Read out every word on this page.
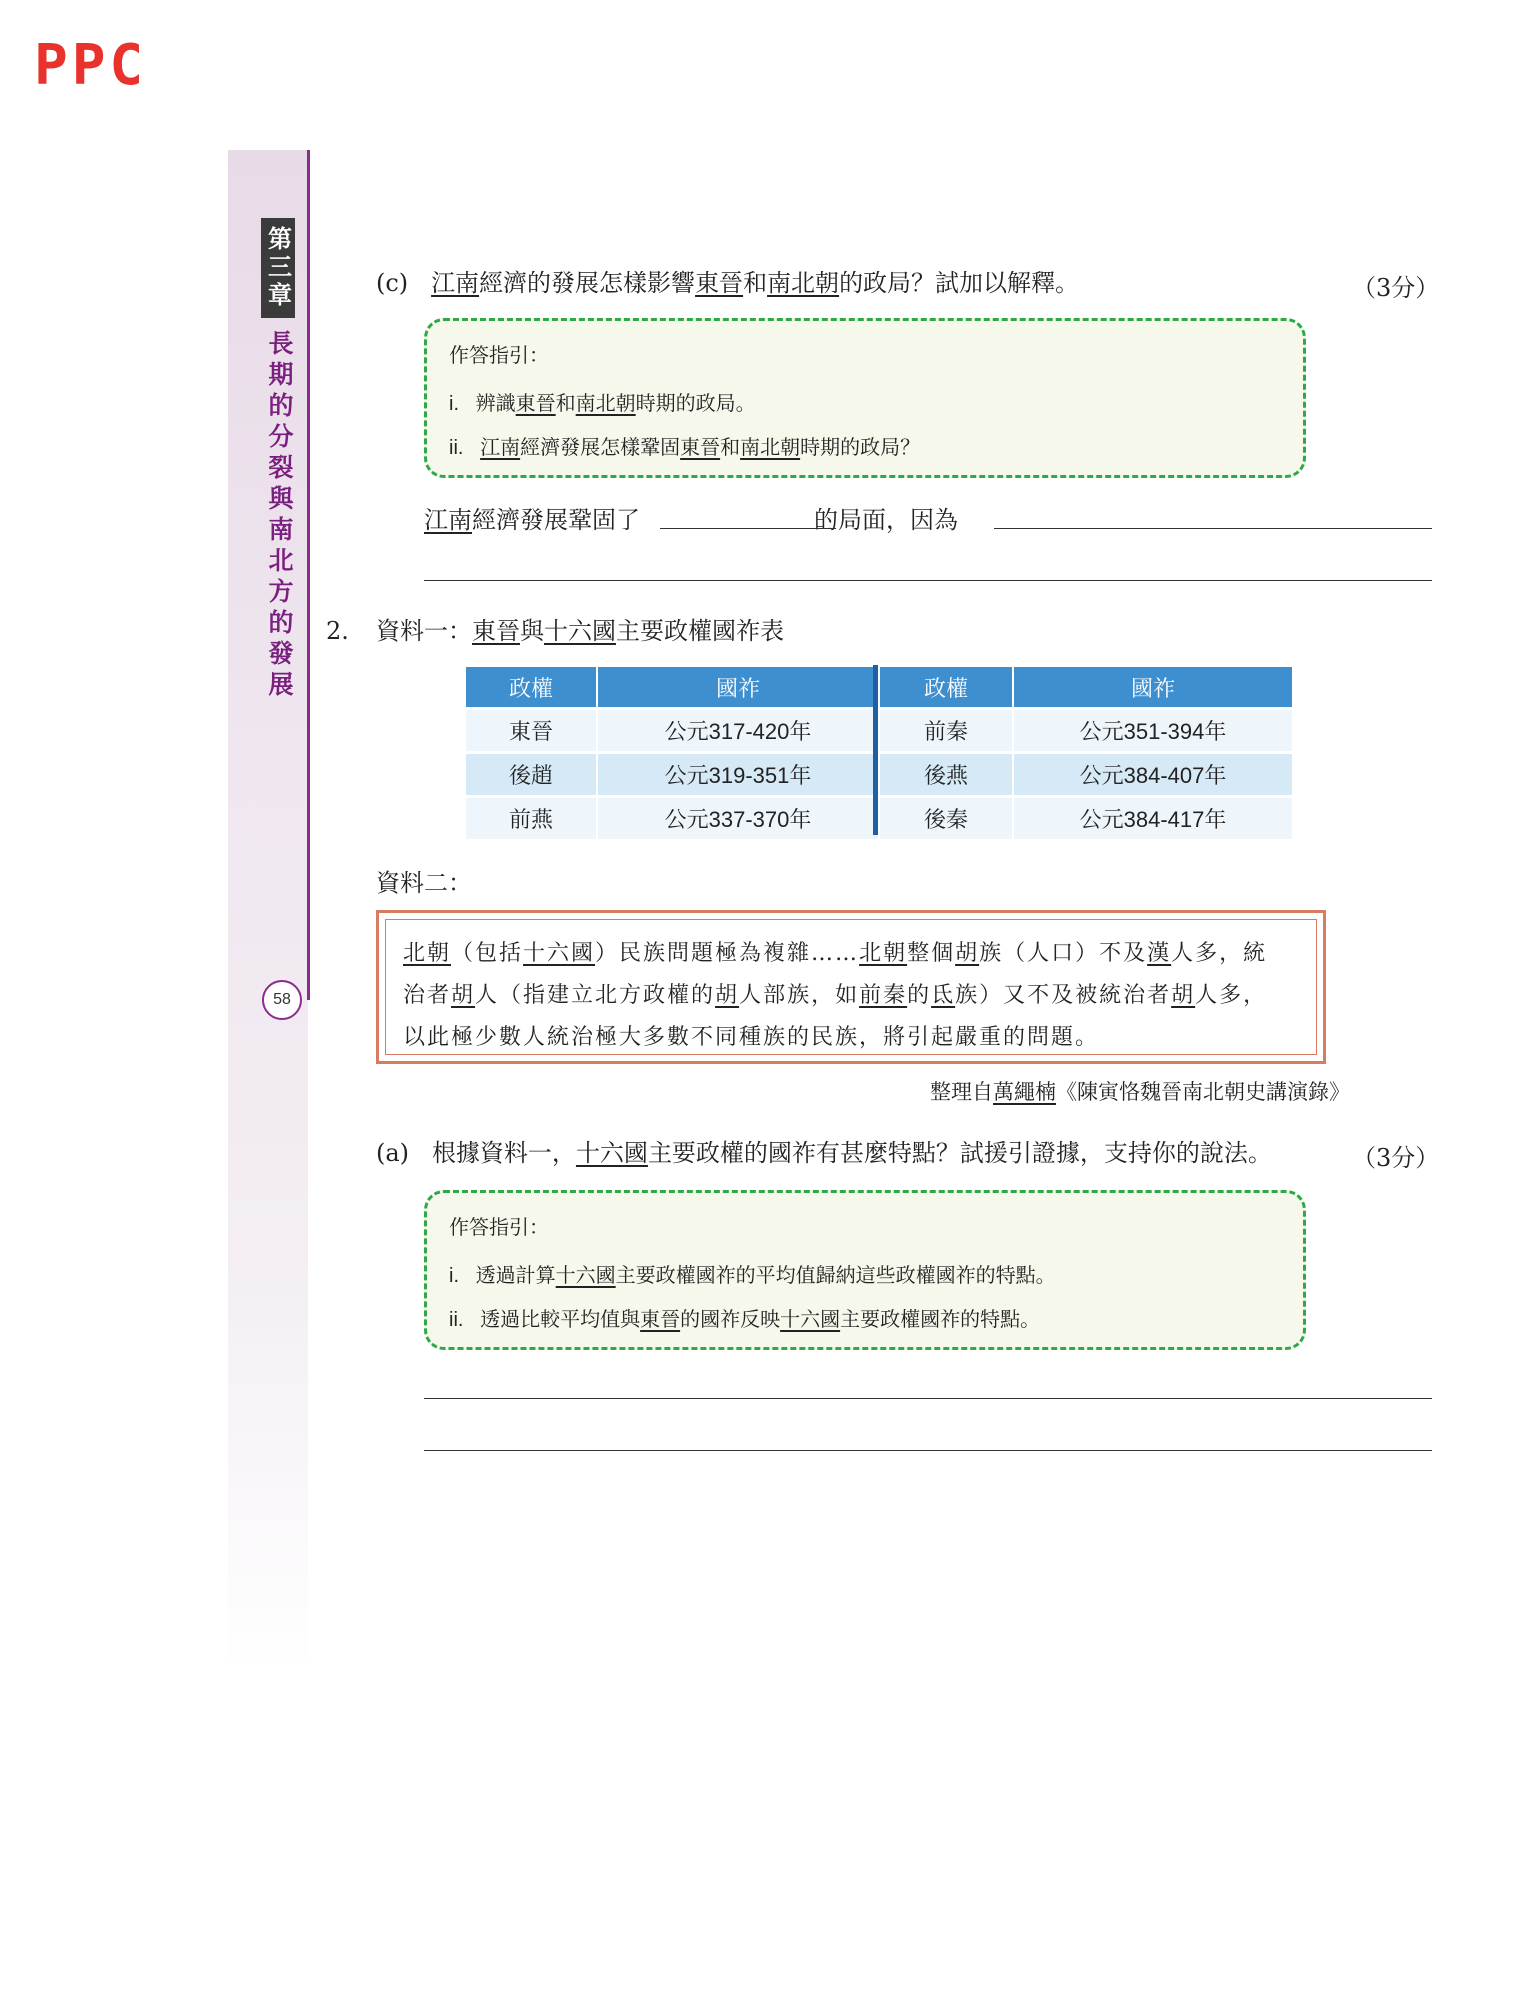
PPC
第三章
長期的分裂與南北方的發展
58
(c) 江南經濟的發展怎樣影響東晉和南北朝的政局？試加以解釋。	（3分）
作答指引：
i. 辨識東晉和南北朝時期的政局。
ii. 江南經濟發展怎樣鞏固東晉和南北朝時期的政局？
江南經濟發展鞏固了	的局面，因為
2. 資料一：東晉與十六國主要政權國祚表
政權	國祚	政權	國祚
東晉	公元317-420年	前秦	公元351-394年
後趙	公元319-351年	後燕	公元384-407年
前燕	公元337-370年	後秦	公元384-417年
資料二：
北朝（包括十六國）民族問題極為複雜……北朝整個胡族（人口）不及漢人多，統
治者胡人（指建立北方政權的胡人部族，如前秦的氐族）又不及被統治者胡人多，
以此極少數人統治極大多數不同種族的民族，將引起嚴重的問題。
整理自萬繩楠《陳寅恪魏晉南北朝史講演錄》
(a) 根據資料一，十六國主要政權的國祚有甚麼特點？試援引證據，支持你的說法。	（3分）
作答指引：
i. 透過計算十六國主要政權國祚的平均值歸納這些政權國祚的特點。
ii. 透過比較平均值與東晉的國祚反映十六國主要政權國祚的特點。
